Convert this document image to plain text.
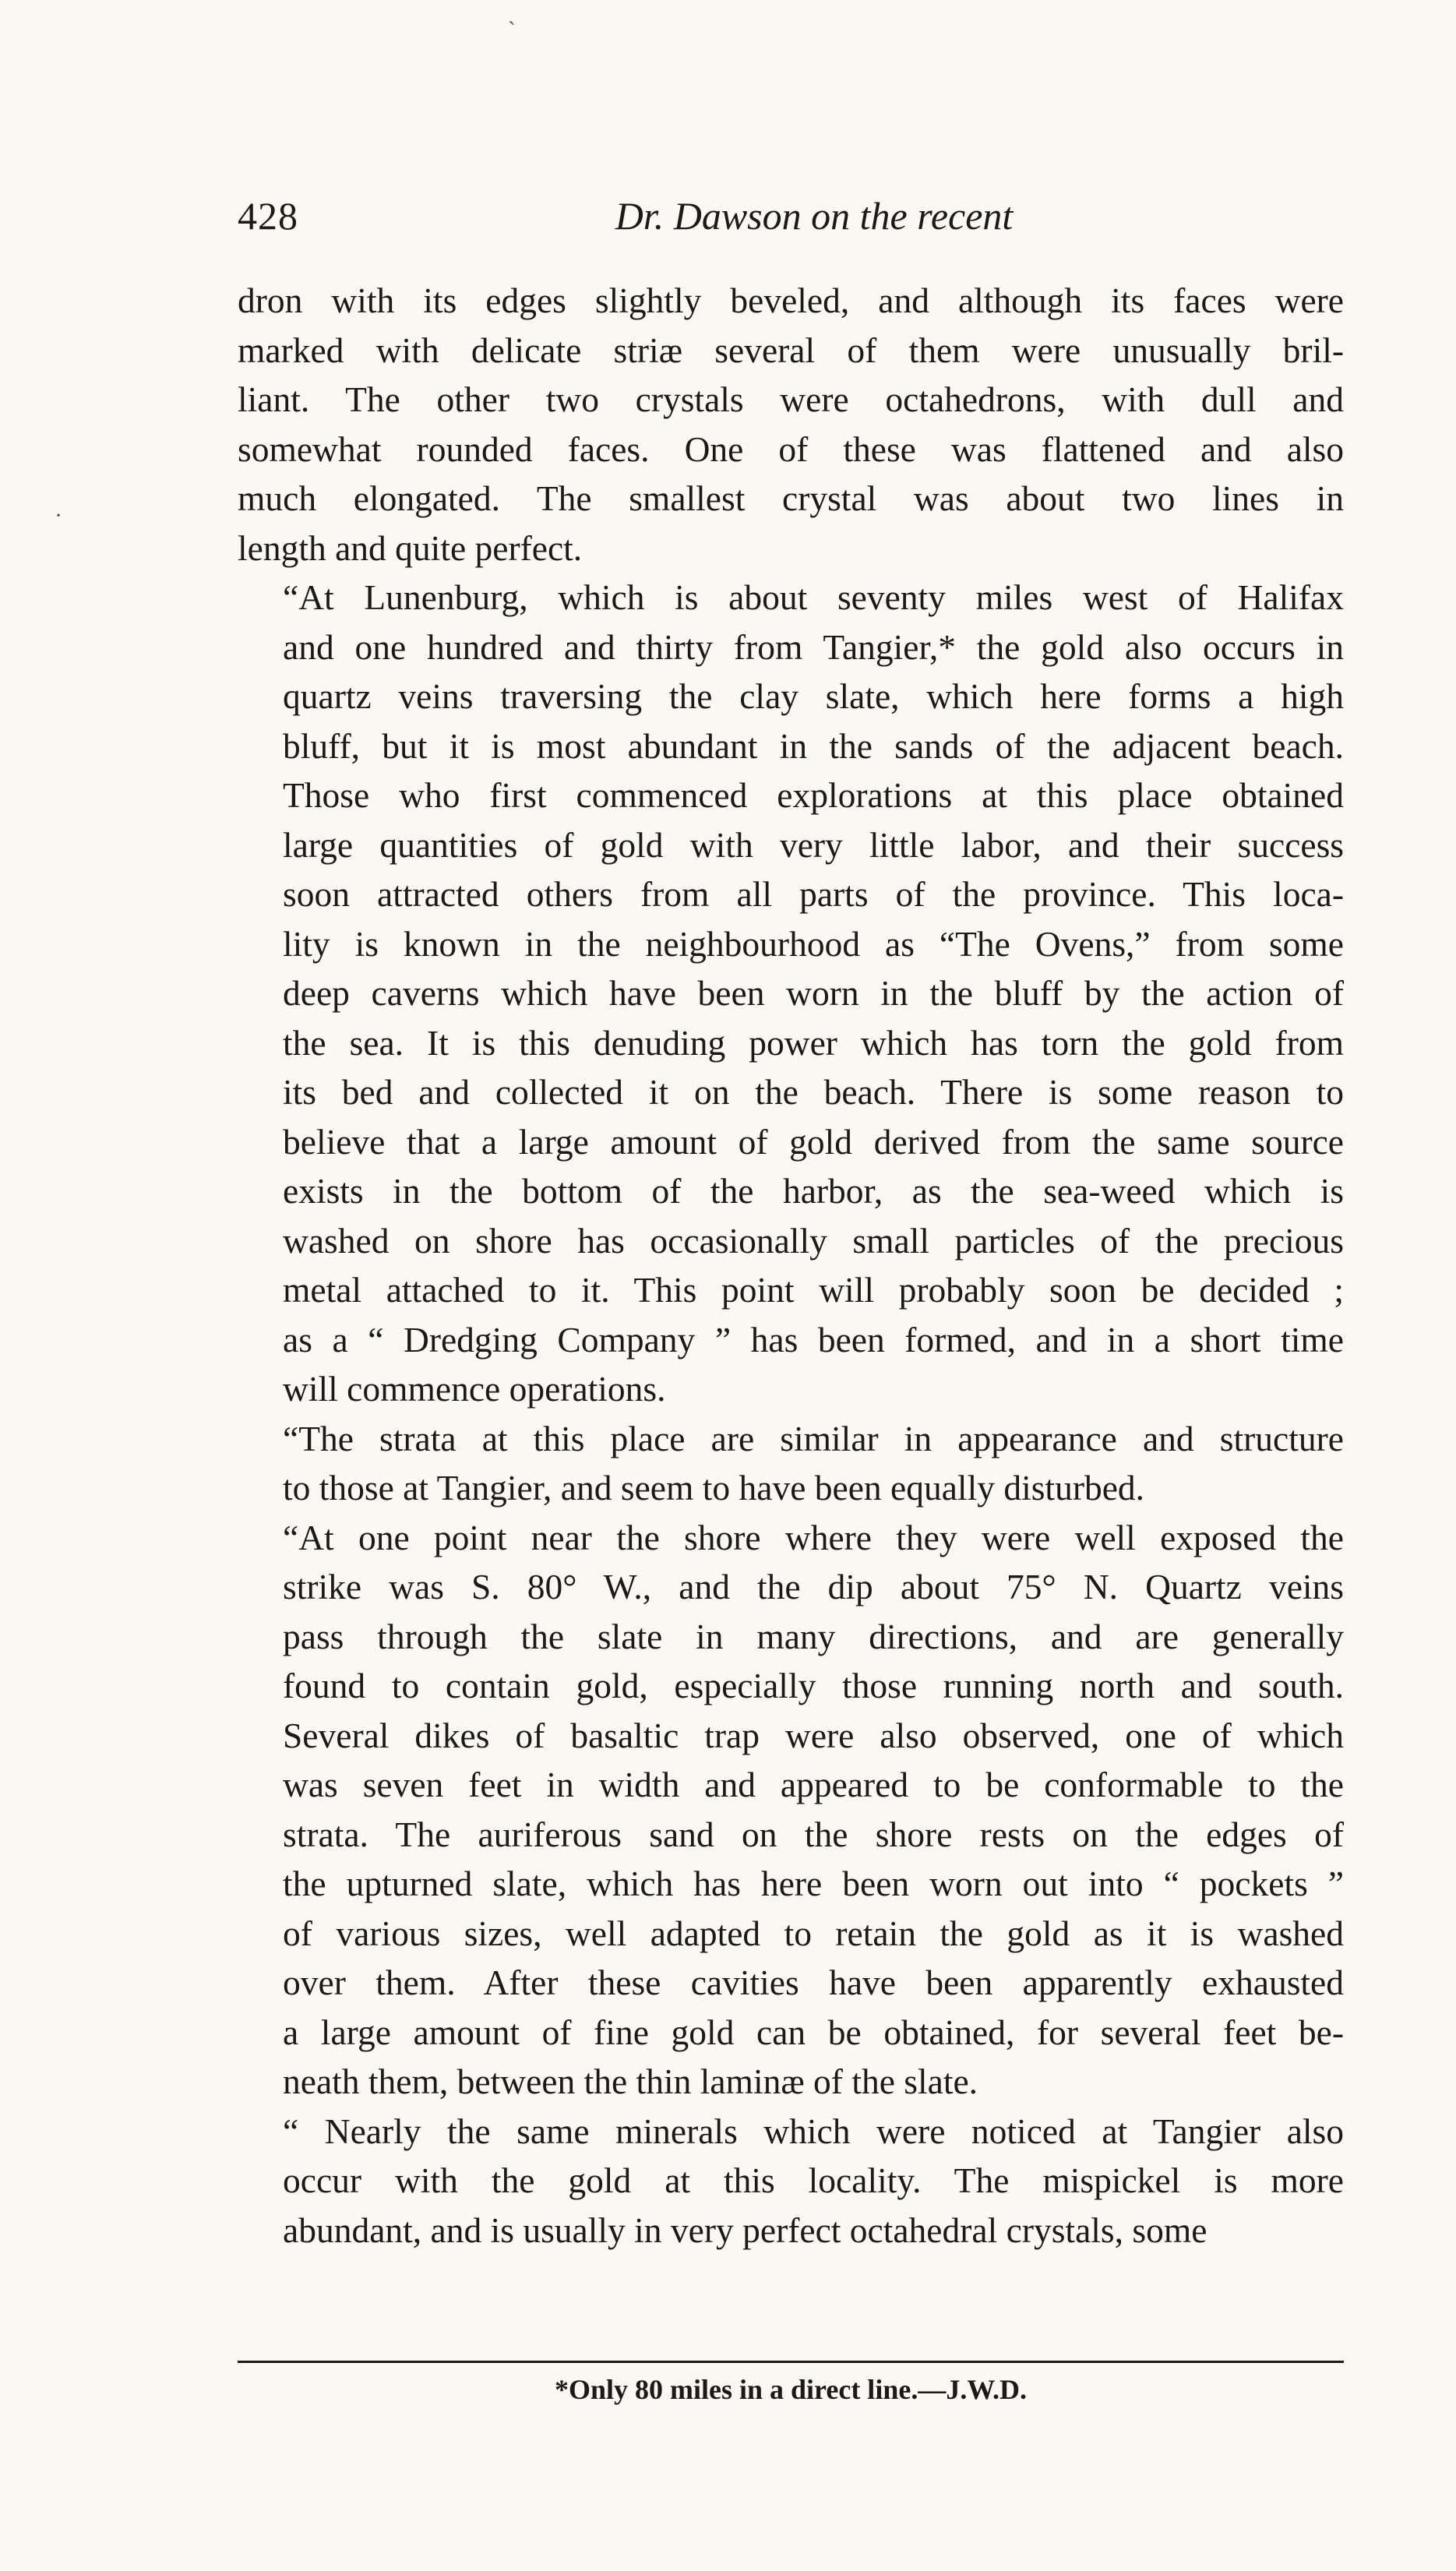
ˋ
·
428	Dr. Dawson on the recent
dron with its edges slightly beveled, and although its faces were
marked with delicate striæ several of them were unusually bril-
liant. The other two crystals were octahedrons, with dull and
somewhat rounded faces. One of these was flattened and also
much elongated. The smallest crystal was about two lines in
length and quite perfect.
“At Lunenburg, which is about seventy miles west of Halifax
and one hundred and thirty from Tangier,* the gold also occurs in
quartz veins traversing the clay slate, which here forms a high
bluff, but it is most abundant in the sands of the adjacent beach.
Those who first commenced explorations at this place obtained
large quantities of gold with very little labor, and their success
soon attracted others from all parts of the province. This loca-
lity is known in the neighbourhood as “The Ovens,” from some
deep caverns which have been worn in the bluff by the action of
the sea. It is this denuding power which has torn the gold from
its bed and collected it on the beach. There is some reason to
believe that a large amount of gold derived from the same source
exists in the bottom of the harbor, as the sea-weed which is
washed on shore has occasionally small particles of the precious
metal attached to it. This point will probably soon be decided ;
as a “ Dredging Company ” has been formed, and in a short time
will commence operations.
“The strata at this place are similar in appearance and structure
to those at Tangier, and seem to have been equally disturbed.
“At one point near the shore where they were well exposed the
strike was S. 80° W., and the dip about 75° N. Quartz veins
pass through the slate in many directions, and are generally
found to contain gold, especially those running north and south.
Several dikes of basaltic trap were also observed, one of which
was seven feet in width and appeared to be conformable to the
strata. The auriferous sand on the shore rests on the edges of
the upturned slate, which has here been worn out into “ pockets ”
of various sizes, well adapted to retain the gold as it is washed
over them. After these cavities have been apparently exhausted
a large amount of fine gold can be obtained, for several feet be-
neath them, between the thin laminæ of the slate.
“ Nearly the same minerals which were noticed at Tangier also
occur with the gold at this locality. The mispickel is more
abundant, and is usually in very perfect octahedral crystals, some
*Only 80 miles in a direct line.—J.W.D.
